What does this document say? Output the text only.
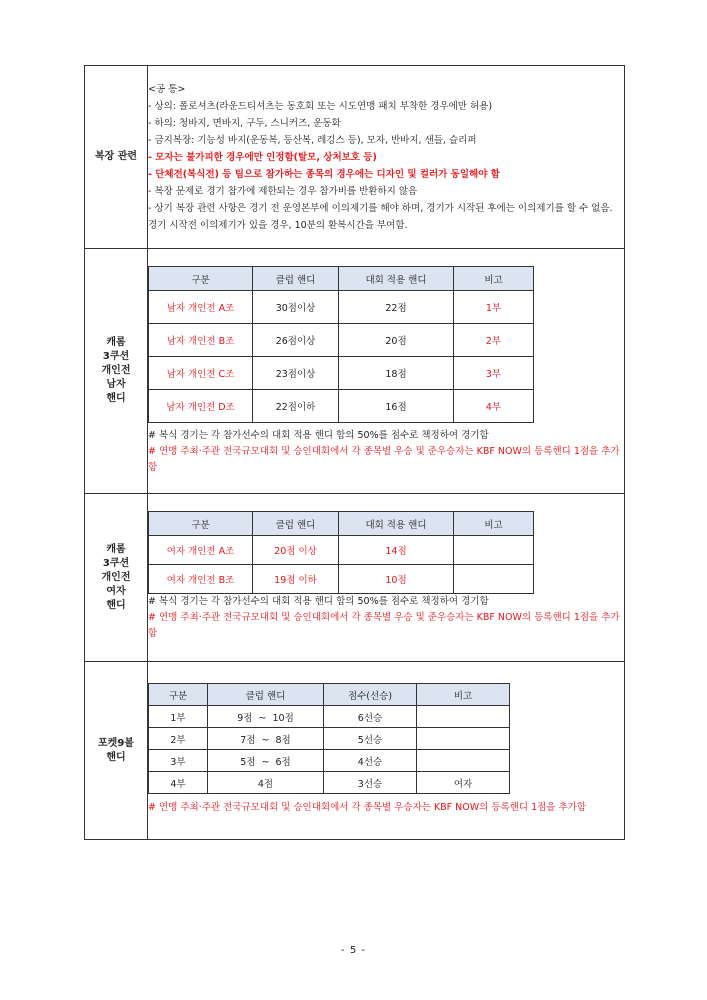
복장 관련	
<공 통>
- 상의: 폴로셔츠(라운드티셔츠는 동호회 또는 시도연맹 패치 부착한 경우에만 허용)
- 하의: 청바지, 면바지, 구두, 스니커즈, 운동화
- 금지복장: 기능성 바지(운동복, 등산복, 레깅스 등), 모자, 반바지, 샌들, 슬리퍼
- 모자는 불가피한 경우에만 인정함(탈모, 상처보호 등)
- 단체전(복식전) 등 팀으로 참가하는 종목의 경우에는 디자인 및 컬러가 동일해야 함
- 복장 문제로 경기 참가에 제한되는 경우 참가비를 반환하지 않음
- 상기 복장 관련 사항은 경기 전 운영본부에 이의제기를 해야 하며, 경기가 시작된 후에는 이의제기를 할 수 없음. 경기 시작전 이의제기가 있을 경우, 10분의 환복시간을 부여함.

캐롬
3쿠션
개인전
남자
핸디

구분	클럽 핸디	대회 적용 핸디	비고
남자 개인전 A조	30점이상	22점	1부
남자 개인전 B조	26점이상	20점	2부
남자 개인전 C조	23점이상	18점	3부
남자 개인전 D조	22점이하	16점	4부
# 복식 경기는 각 참가선수의 대회 적용 핸디 합의 50%를 점수로 책정하여 경기함
# 연맹 주최·주관 전국규모대회 및 승인대회에서 각 종목별 우승 및 준우승자는 KBF NOW의 등록핸디 1점을 추가함

캐롬
3쿠션
개인전
여자
핸디

구분	클럽 핸디	대회 적용 핸디	비고
여자 개인전 A조	20점 이상	14점	
여자 개인전 B조	19점 이하	10점	
# 복식 경기는 각 참가선수의 대회 적용 핸디 합의 50%를 점수로 책정하여 경기함
# 연맹 주최·주관 전국규모대회 및 승인대회에서 각 종목별 우승 및 준우승자는 KBF NOW의 등록핸디 1점을 추가함

포켓9볼
핸디

구분	클럽 핸디	점수(선승)	비고
1부	9점  ~  10점	6선승	
2부	7점  ~  8점	5선승	
3부	5점  ~  6점	4선승	
4부	4점	3선승	여자
# 연맹 주최·주관 전국규모대회 및 승인대회에서 각 종목별 우승자는 KBF NOW의 등록핸디 1점을 추가함
- 5 -
